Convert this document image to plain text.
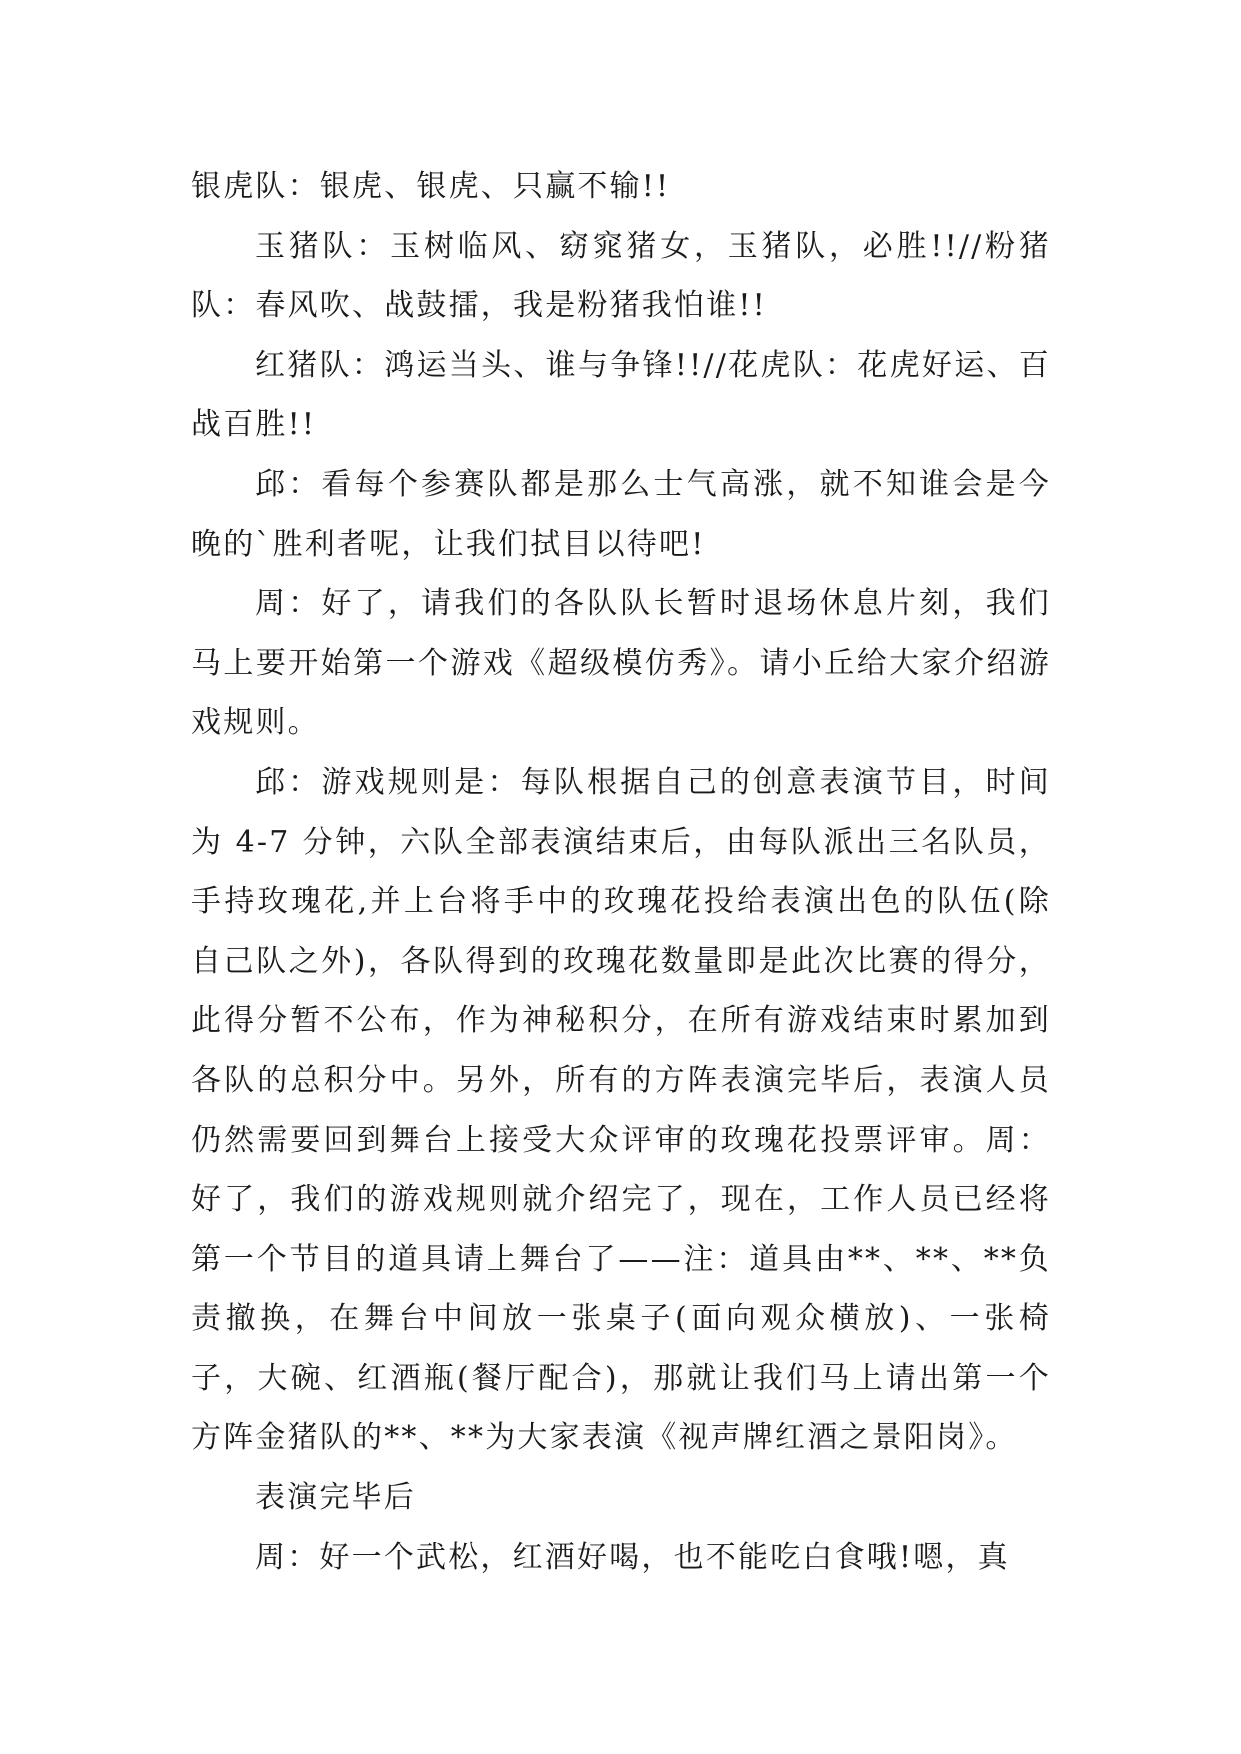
银虎队：银虎、银虎、只赢不输!!

玉猪队：玉树临风、窈窕猪女，玉猪队，必胜!!//粉猪队：春风吹、战鼓擂，我是粉猪我怕谁!!

红猪队：鸿运当头、谁与争锋!!//花虎队：花虎好运、百战百胜!!

邱：看每个参赛队都是那么士气高涨，就不知谁会是今晚的`胜利者呢，让我们拭目以待吧!

周：好了，请我们的各队队长暂时退场休息片刻，我们马上要开始第一个游戏《超级模仿秀》。请小丘给大家介绍游戏规则。

邱：游戏规则是：每队根据自己的创意表演节目，时间为 4-7 分钟，六队全部表演结束后，由每队派出三名队员，手持玫瑰花,并上台将手中的玫瑰花投给表演出色的队伍(除自己队之外)，各队得到的玫瑰花数量即是此次比赛的得分，此得分暂不公布，作为神秘积分，在所有游戏结束时累加到各队的总积分中。另外，所有的方阵表演完毕后，表演人员仍然需要回到舞台上接受大众评审的玫瑰花投票评审。周：好了，我们的游戏规则就介绍完了，现在，工作人员已经将第一个节目的道具请上舞台了——注：道具由**、**、**负责撤换，在舞台中间放一张桌子(面向观众横放)、一张椅子，大碗、红酒瓶(餐厅配合)，那就让我们马上请出第一个方阵金猪队的**、**为大家表演《视声牌红酒之景阳岗》。

表演完毕后

周：好一个武松，红酒好喝，也不能吃白食哦!嗯，真
